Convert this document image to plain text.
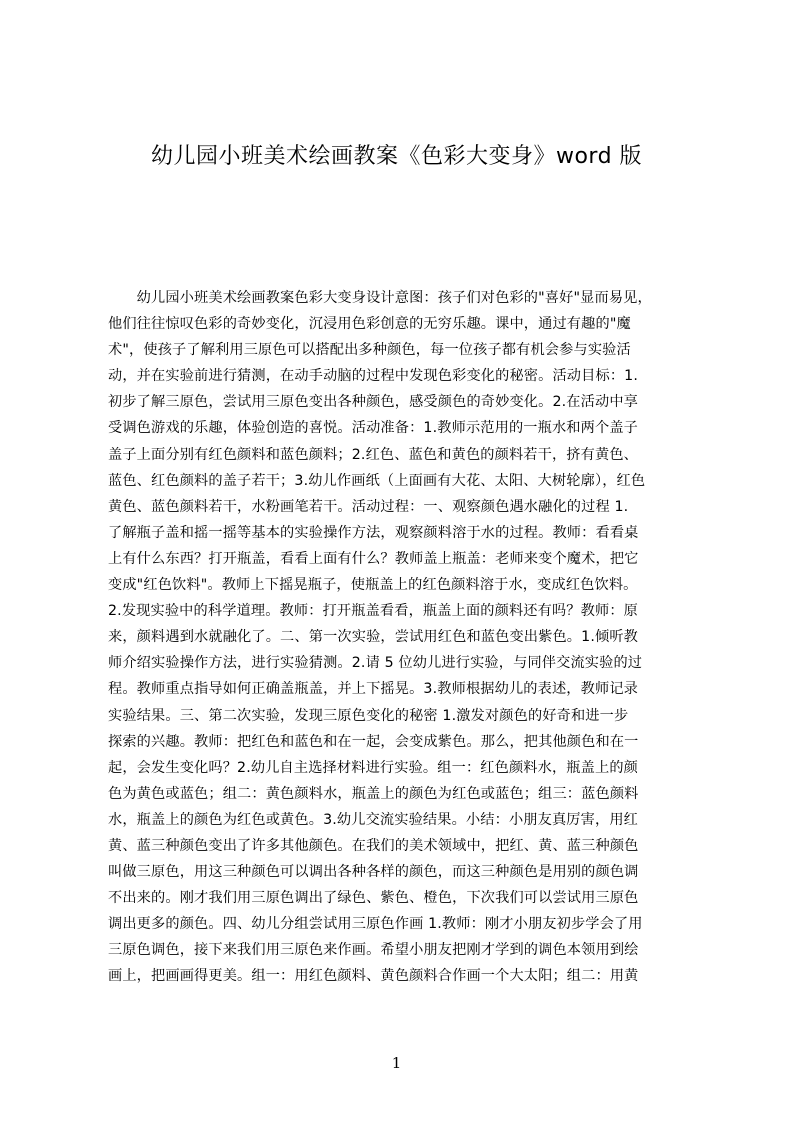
幼儿园小班美术绘画教案《色彩大变身》word 版
　　幼儿园小班美术绘画教案色彩大变身设计意图：孩子们对色彩的"喜好"显而易见，
他们往往惊叹色彩的奇妙变化，沉浸用色彩创意的无穷乐趣。课中，通过有趣的"魔
术"，使孩子了解利用三原色可以搭配出多种颜色，每一位孩子都有机会参与实验活
动，并在实验前进行猜测，在动手动脑的过程中发现色彩变化的秘密。活动目标：1.
初步了解三原色，尝试用三原色变出各种颜色，感受颜色的奇妙变化。2.在活动中享
受调色游戏的乐趣，体验创造的喜悦。活动准备：1.教师示范用的一瓶水和两个盖子
盖子上面分别有红色颜料和蓝色颜料；2.红色、蓝色和黄色的颜料若干，挤有黄色、
蓝色、红色颜料的盖子若干；3.幼儿作画纸（上面画有大花、太阳、大树轮廓），红色
黄色、蓝色颜料若干，水粉画笔若干。活动过程：一、观察颜色遇水融化的过程 1.
了解瓶子盖和摇一摇等基本的实验操作方法，观察颜料溶于水的过程。教师：看看桌
上有什么东西？打开瓶盖，看看上面有什么？教师盖上瓶盖：老师来变个魔术，把它
变成"红色饮料"。教师上下摇晃瓶子，使瓶盖上的红色颜料溶于水，变成红色饮料。
2.发现实验中的科学道理。教师：打开瓶盖看看，瓶盖上面的颜料还有吗？教师：原
来，颜料遇到水就融化了。二、第一次实验，尝试用红色和蓝色变出紫色。1.倾听教
师介绍实验操作方法，进行实验猜测。2.请 5 位幼儿进行实验，与同伴交流实验的过
程。教师重点指导如何正确盖瓶盖，并上下摇晃。3.教师根据幼儿的表述，教师记录
实验结果。三、第二次实验，发现三原色变化的秘密 1.激发对颜色的好奇和进一步
探索的兴趣。教师：把红色和蓝色和在一起，会变成紫色。那么，把其他颜色和在一
起，会发生变化吗？2.幼儿自主选择材料进行实验。组一：红色颜料水，瓶盖上的颜
色为黄色或蓝色；组二：黄色颜料水，瓶盖上的颜色为红色或蓝色；组三：蓝色颜料
水，瓶盖上的颜色为红色或黄色。3.幼儿交流实验结果。小结：小朋友真厉害，用红
黄、蓝三种颜色变出了许多其他颜色。在我们的美术领域中，把红、黄、蓝三种颜色
叫做三原色，用这三种颜色可以调出各种各样的颜色，而这三种颜色是用别的颜色调
不出来的。刚才我们用三原色调出了绿色、紫色、橙色，下次我们可以尝试用三原色
调出更多的颜色。四、幼儿分组尝试用三原色作画 1.教师：刚才小朋友初步学会了用
三原色调色，接下来我们用三原色来作画。希望小朋友把刚才学到的调色本领用到绘
画上，把画画得更美。组一：用红色颜料、黄色颜料合作画一个大太阳；组二：用黄
1
